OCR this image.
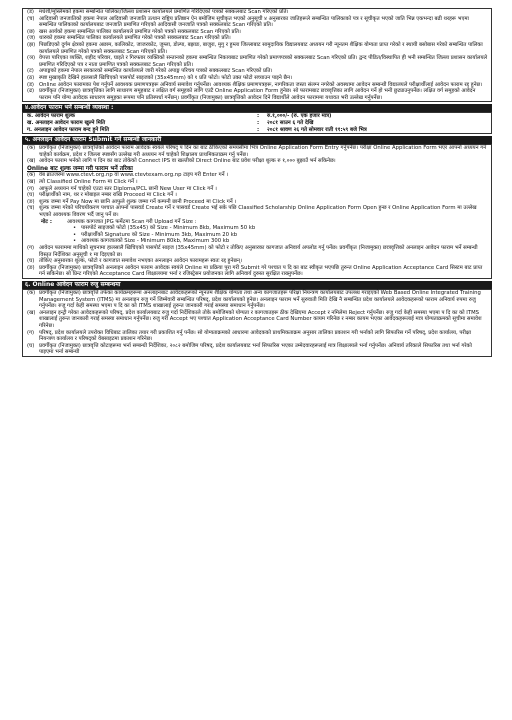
(ड) मधेशी/मुस्लिमको हकमा सम्बन्धित पालिका/जिल्ला प्रशासन कार्यालयले प्रमाणित गरिदिएको पत्रको सक्कलबाट Scan गरिएको प्रति।
(च) आदिवासी जनजातिको हकमा नेपाल आदिवासी जनजाति उत्थान राष्ट्रिय प्रतिष्ठान ऐन बमोजिम सूचीकृत भएको अनुसूची ४ अनुसारका जातिहरूले सम्बन्धित पालिकाको पत्र र सूचीकृत भएको जाति भिन्न एकभन्दा बढी थरहरू भएमा सम्बन्धित पालिकाको कार्यालयबाट जनजाति प्रमाणित गरिएको आदिवासी जनजाति पत्रको सक्कलबाट Scan गरिएको प्रति।
(छ) खस आर्यको हकमा सम्बन्धित पालिका कार्यालयले प्रमाणित गरेको पत्रको सक्कलबाट Scan गरिएको प्रति।
(ज) थारुको हकमा सम्बन्धित पालिका कार्यालयले प्रमाणित गरेको पत्रको सक्कलबाट Scan गरिएको प्रति।
(झ) पिछडिएको दुर्गम क्षेत्रको हकमा अछाम, कालिकोट, जाजरकोट, जुम्ला, डोल्पा, बझाङ, बाजुरा, मुगु र हुम्ला जिल्लाबाट सामुदायिक विद्यालयबाट अध्ययन गरी न्यूनतम शैक्षिक योग्यता प्राप्त गरेको र स्थायी बसोबास गरेको सम्बन्धित पालिका कार्यालयले प्रमाणित गरेको पत्रको सक्कलबाट Scan गरिएको प्रति।
(ञ) वेपत्ता पारिएका व्यक्ति, शहीद परिवार, घाइते र गिरफ्तार व्यक्तिको सन्तानको हकमा सम्बन्धित निकायबाट प्रमाणित गरेको प्रमाणपत्रको सक्कलबाट Scan गरिएको प्रति। द्वन्द पीडित/विस्थापित ही भनी सम्बन्धित जिल्ला प्रशासन कार्यालयले प्रमाणित गरिदिएको पत्र र नाता प्रमाणित पत्रको सक्कलबाट Scan गरिएको प्रति।
(ट) अपाङ्गको हकमा नेपाल सरकारको सम्बन्धित कार्यालयले जारी गरेको अपाङ्ग परिचय पत्रको सक्कलबाट Scan गरिएको प्रति।
(ठ) स्पष्ट मुखाकृति देखिने हालसालै खिचिएको पासपोर्ट साइजको (35x45mm) को १ प्रति फोटो। फोटो उक्त फोटो सच्याउन पाइने छैन।
(ड) Online आवेदन फारामका पेश गर्नुपर्ने आवश्यक प्रमाणपत्रहरू अनिवार्य समावेश गर्नुपर्नेछ। आवश्यक शैक्षिक प्रमाणपत्रहरू, नागरिकता जस्ता संलग्न नगरेको अवस्थामा आवेदन सम्बन्धी विद्यालयले परीक्षार्थीलाई आवेदन फाराम रद्द हुनेछ।
(ढ) प्रवर्गीकृत (निजामुक्त) छात्रवृत्तिका लागि साधारण समूहबाट र लक्षित वर्ग समूहको लागि एउटै Online Application Form हुनेछ। सो फारामबाट छात्रवृत्तिका लागि आवेदन गर्ने हो भनी छुट्याउनुपर्नेछ। लक्षित वर्ग समूहको आवेदन फाराम पनि योग्य आवेदक साधारण समूहका रूपमा पनि प्रतिस्पर्धा गर्नेछन्। प्रवर्गीकृत (निजामुक्त) छात्रवृत्तिको आवेदन दिने विद्यार्थीले आवेदन फाराममा यथावत भरी उल्लेख गर्नुपर्नेछ।
४.आवेदन फाराम भर्ने सम्बन्धी व्यवस्था :
क. आवेदन फाराम शुल्क	:	रु.१,०००/- (रु. एक हजार मात्र)
ख. अनलाइन आवेदन फाराम खुल्ने मिति	:	२०८१ साउन ६ गते देखि
ग. अनलाइन आवेदन फाराम बन्द हुने मिति	:	२०८१ श्रावण २६ गते सोमवार राती ११:५९ बजे भित्र
५. अनलाइन आवेदन फाराम Submit गर्ने सम्बन्धी जानकारी
(क) प्रवर्गीकृत (निजामुक्त) छात्रवृत्तिको आवेदन फाराम आवेदक स्वयंले परिषद् प दिन का बाट ठीकिएको समयसीमा भित्र Online Application Form Entry गर्नुपर्नेछ। परीक्षा Online Application Form भएर आफ्नो अध्ययन गर्न चाहेको कार्यक्रम, प्रदेश र जिल्ला स्पष्टसँग उल्लेख गरी अध्ययन गर्न चाहेको शिक्षालय प्राथमिकताक्रम गर्नु पर्नेछ।
(ख) आवेदन फाराम भर्नको लागि प दिन का बाट तोकेको Connect IPS वा खल्तीको Direct Online बाट प्रवेश परीक्षा शुल्क रु १,००० बुझाउँ भर्न सकिनेछ।
Online बाट शुल्क जम्मा गरी फाराम भर्ने तरिका
(क) वेब ब्राउजरमा www.ctevt.org.np वा www.ctevtexam.org.np टाइप गरी Enter गर्ने ।
(ख) त्यो Classified Online Form मा Click गर्ने ।
(ग) आफुले अध्ययन गर्न चाहेको एउटा स्तर Diploma/PCL छानी New User मा Click गर्ने ।
(घ) परीक्षार्थीको नाम, थर र मोबाइल नम्बर राखि Proceed मा Click गर्ने ।
(ङ) शुल्क जम्मा गर्ने Pay Now मा छानि आफुले शुल्क जम्मा गर्ने कम्पनी छानी Proceed मा Click गर्ने ।
(च) शुल्क जम्मा गरेको परिचयीकरण पश्चात आफ्नो पासवर्ड Create गर्ने र पासवर्ड Create भई सके पछि Classified Scholarship Online Application Form Open हुन्छ र Online Application Form मा उल्लेख भएको आवश्यक विवरण भर्दै जानु पर्ने छ।
नोट :	आवश्यक कागजात JPG फर्मेटमा Scan गरी Upload गर्ने Size :
• पासपोर्ट साइजको फोटो (35x45) को Size - Minimum 8kb, Maximum 50 kb
• परीक्षार्थीको Signature को Size - Minimum 3kb, Maximum 20 kb
• आवश्यक कागजातको Size - Minimum 80kb, Maximum 300 kb
(ग) आवेदन फाराममा माथिको सूचनामा हालसालै खिचिएको पासपोर्ट साइज (35x45mm) को फोटो र तोकिए अनुसारका कागजात अनिवार्य अपलोड गर्नु पर्नेछ। प्रवर्गीकृत (निजामुक्त) छात्रवृत्तिको अनलाइन आवेदन फाराम भर्ने सम्बन्धी विस्तृत निर्देशिका अनुसूची १ मा दिइएको छ।
(घ) तोकिए अनुसारका शुल्क, फोटो र कागजात समावेश नभएका अनलाइन आवेदन फारामहरू स्वतः रद्द हुनेछन्।
(ङ) प्रवर्गीकृत (निजामुक्त) छात्रवृत्तिको अनलाइन आवेदन फाराम आवेदक स्वयंले Online मा प्रक्रिया पूरा गरी Submit गरे पश्चात प दि का बाट स्वीकृत भएपछि तुरुन्त Online Application Acceptance Card सिस्टम बाट प्राप्त गर्न सकिनेछ। सो प्रिन्ट गरिएको Acceptance Card शिक्षालयमा भर्ना र रजिस्ट्रेसन प्रयोजनका लागि अनिवार्य दुरुस्त सुरक्षित राख्नुपर्नेछ।
६. Online आवेदन फाराम रुजु सम्बन्धमा
(क) प्रवर्गीकृत (निजामुक्त) छात्रवृत्ति तर्फका कार्यक्रमहरूमा अनलाइनबाट आवेदकहरूको न्यूनतम शैक्षिक योग्यता तथा अन्य कागजातहरू परिक्षा नियन्त्रण कार्यालयबाट उपलब्ध गराइएको Web Based Online Integrated Training Management System (ITMS) मा अनलाइन रुजु गर्ने जिम्मेवारी सम्बन्धित परिषद्, प्रदेश कार्यालयको हुनेछ। अनलाइन फाराम भर्ने सुरुवाती मिति देखि नै सम्बन्धित प्रदेश कार्यालयले आवेदकहरूको फाराम अनिवार्य रुपमा रुजु गर्नुपर्नेछ। रुजु गर्दा केही समस्या भएमा प दि का को ITMS शाखालाई तुरुन्त जानकारी गराई समस्या समाधान गर्नुपर्नेछ।
(ख) अनलाइन इन्ट्री गरेका आवेदकहरूको परिषद्, प्रदेश कार्यालयबाट रुजु गर्दा निर्देशिकाले तोके बमोजिमको योग्यता र कागजातहरू ठीक देखिएमा Accept र नमिलेमा Reject गर्नुपर्नेछ। रुजु गर्दा केही समस्या भएमा प दि का को ITMS शाखालाई तुरुन्त जानकारी गराई समस्या समाधान गर्नुपर्नेछ। रुजु गरी Accept भए पश्चात Application Acceptance Card Number कायम गरिनेछ र नम्बर कायम भएका आवेदकहरूलाई मात्र योग्यताक्रमको सूचीमा समावेश गरिनेछ।
(ग) परिषद्, प्रदेश कार्यालयले उपरोक्त विधिबाट तालिका तयार गरी प्रकाशित गर्नु पर्नेछ। सो योग्यताक्रमको आधारमा आवेदकको प्राथमिकताक्रम अनुसार तालिका प्रकाशन गरी भर्नाको लागि सिफारिस गर्ने परिषद्, प्रदेश कार्यालय, परीक्षा नियन्त्रण कार्यालय र परिषद्को वेबसाइटमा प्रकाशन गरिनेछ।
(घ) प्रवर्गीकृत (निजामुक्त) छात्रवृत्ति कोटाहरूमा भर्ना सम्बन्धी निर्देशिका, २०८२ बमोजिम परिषद्, प्रदेश कार्यालयबाट भर्ना सिफारिस भएका उम्मेदवारहरूलाई मात्र शिक्षालयले भर्ना गर्नुपर्नेछ। अनिवार्य तरिकाले सिफारिस तथा भर्ना गरेको पाइएमा भर्ना सम्बन्धी
